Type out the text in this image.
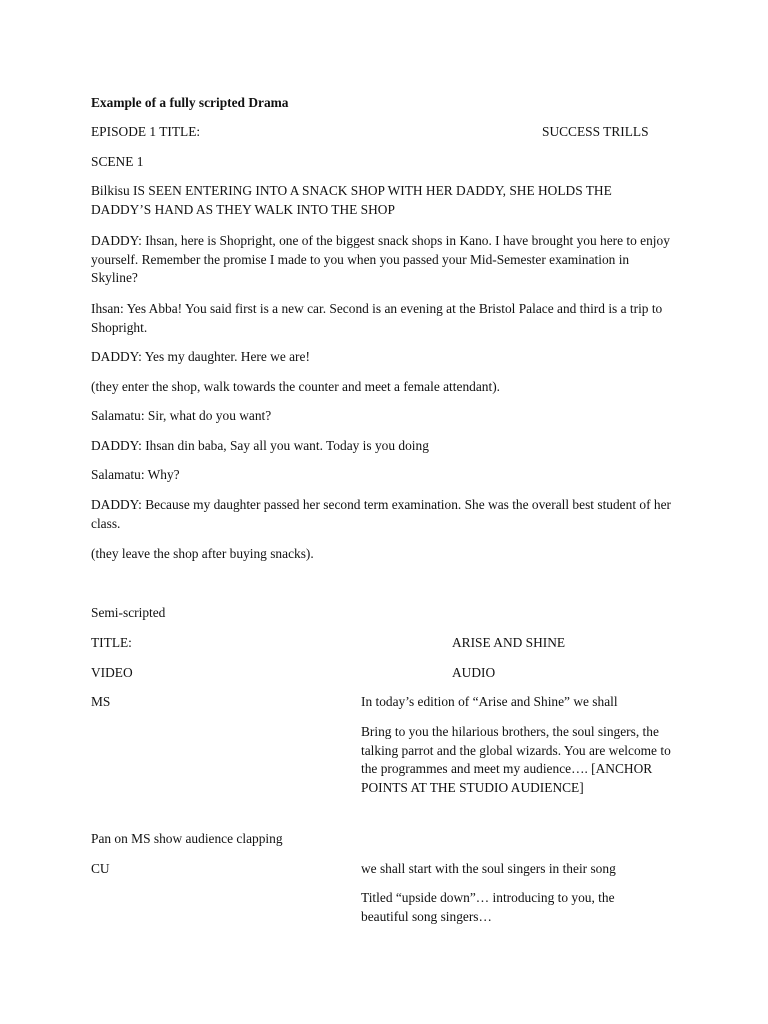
Example of a fully scripted Drama

EPISODE 1 TITLE:	SUCCESS TRILLS

SCENE 1

Bilkisu IS SEEN ENTERING INTO A SNACK SHOP WITH HER DADDY, SHE HOLDS THE DADDY’S HAND AS THEY WALK INTO THE SHOP

DADDY: Ihsan, here is Shopright, one of the biggest snack shops in Kano. I have brought you here to enjoy yourself. Remember the promise I made to you when you passed your Mid-Semester examination in Skyline?

Ihsan: Yes Abba! You said first is a new car. Second is an evening at the Bristol Palace and third is a trip to Shopright.

DADDY: Yes my daughter. Here we are!

(they enter the shop, walk towards the counter and meet a female attendant).

Salamatu: Sir, what do you want?

DADDY: Ihsan din baba, Say all you want. Today is you doing

Salamatu: Why?

DADDY: Because my daughter passed her second term examination. She was the overall best student of her class.

(they leave the shop after buying snacks).

Semi-scripted

TITLE:	ARISE AND SHINE

VIDEO	AUDIO

MS	In today’s edition of “Arise and Shine” we shall

Bring to you the hilarious brothers, the soul singers, the talking parrot and the global wizards. You are welcome to the programmes and meet my audience…. [ANCHOR POINTS AT THE STUDIO AUDIENCE]

Pan on MS show audience clapping

CU	we shall start with the soul singers in their song

Titled “upside down”… introducing to you, the beautiful song singers…
